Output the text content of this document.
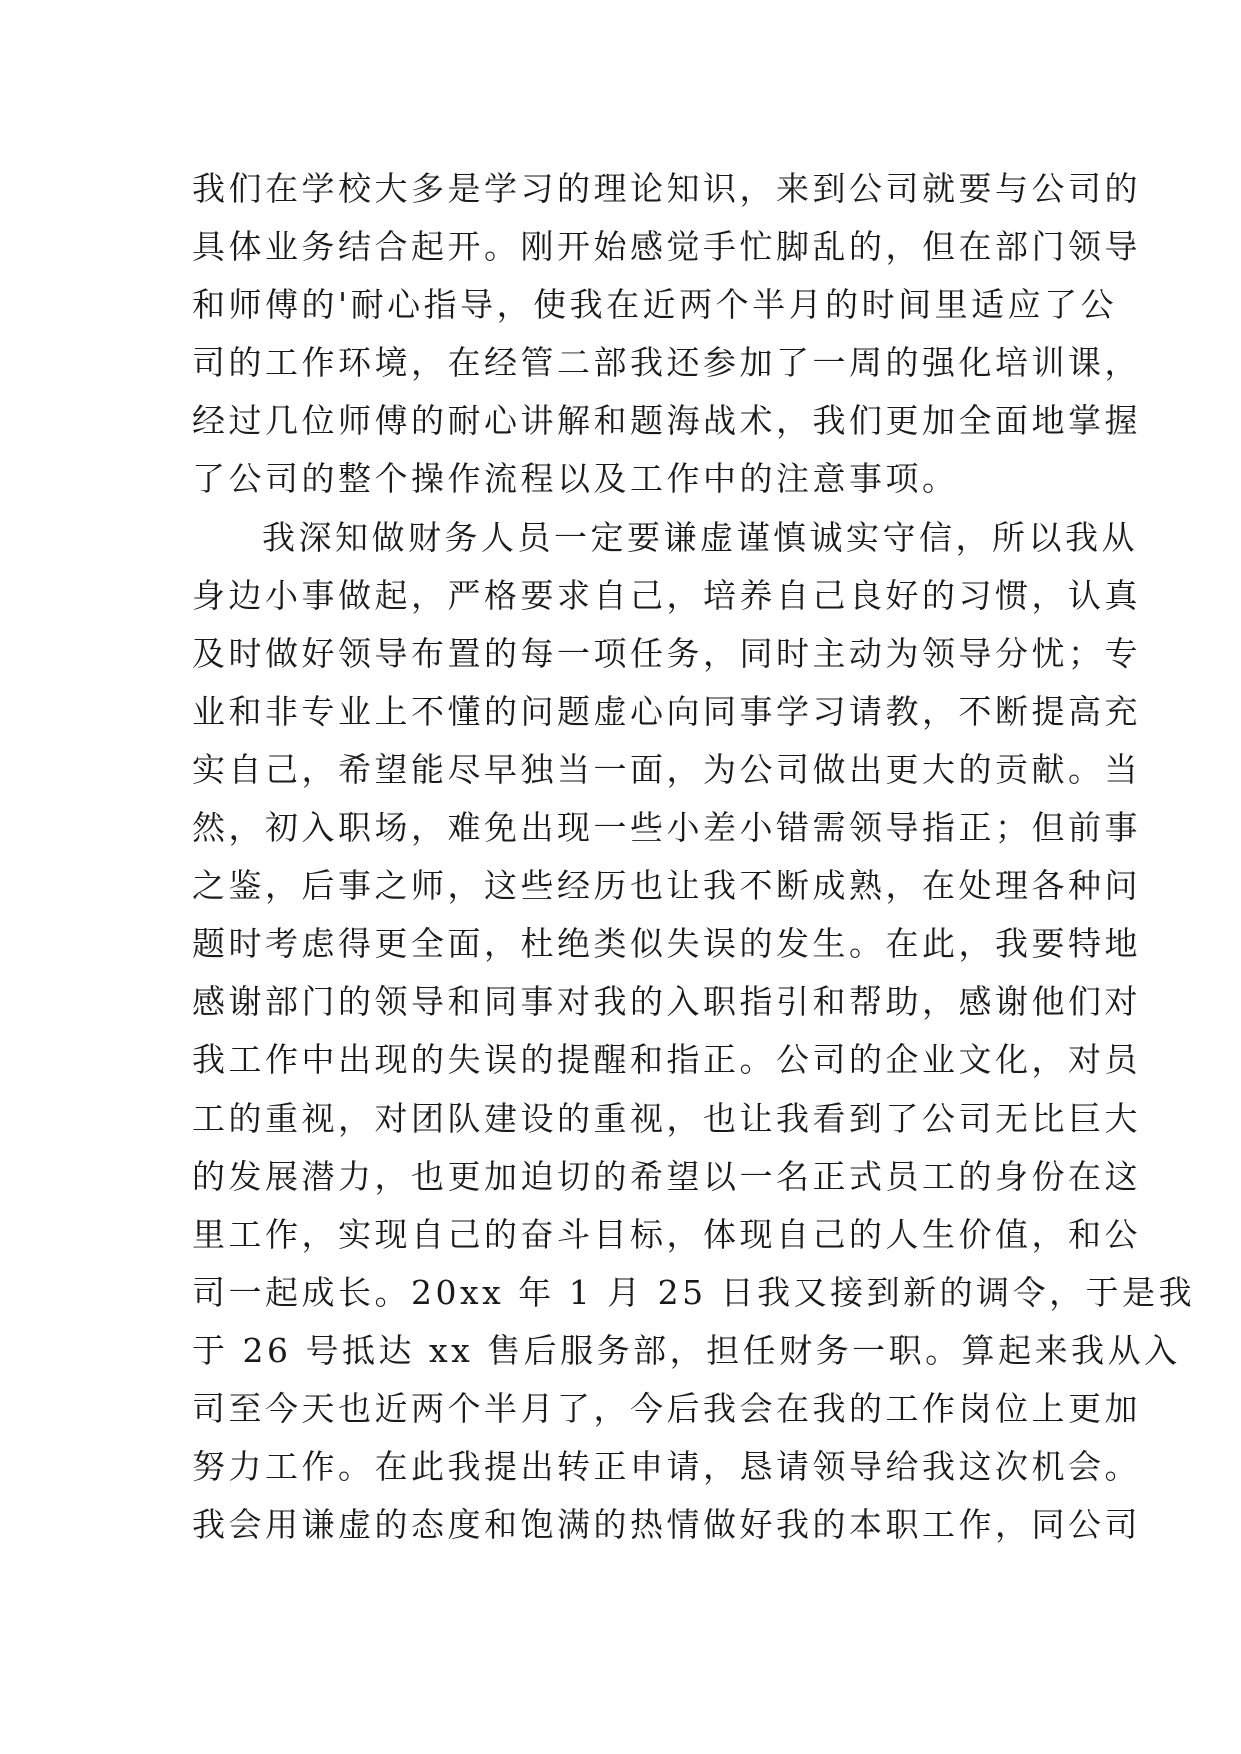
我们在学校大多是学习的理论知识，来到公司就要与公司的
具体业务结合起开。刚开始感觉手忙脚乱的，但在部门领导
和师傅的'耐心指导，使我在近两个半月的时间里适应了公
司的工作环境，在经管二部我还参加了一周的强化培训课，
经过几位师傅的耐心讲解和题海战术，我们更加全面地掌握
了公司的整个操作流程以及工作中的注意事项。
我深知做财务人员一定要谦虚谨慎诚实守信，所以我从
身边小事做起，严格要求自己，培养自己良好的习惯，认真
及时做好领导布置的每一项任务，同时主动为领导分忧；专
业和非专业上不懂的问题虚心向同事学习请教，不断提高充
实自己，希望能尽早独当一面，为公司做出更大的贡献。当
然，初入职场，难免出现一些小差小错需领导指正；但前事
之鉴，后事之师，这些经历也让我不断成熟，在处理各种问
题时考虑得更全面，杜绝类似失误的发生。在此，我要特地
感谢部门的领导和同事对我的入职指引和帮助，感谢他们对
我工作中出现的失误的提醒和指正。公司的企业文化，对员
工的重视，对团队建设的重视，也让我看到了公司无比巨大
的发展潜力，也更加迫切的希望以一名正式员工的身份在这
里工作，实现自己的奋斗目标，体现自己的人生价值，和公
司一起成长。20xx 年 1 月 25 日我又接到新的调令，于是我
于 26 号抵达 xx 售后服务部，担任财务一职。算起来我从入
司至今天也近两个半月了，今后我会在我的工作岗位上更加
努力工作。在此我提出转正申请，恳请领导给我这次机会。
我会用谦虚的态度和饱满的热情做好我的本职工作，同公司
